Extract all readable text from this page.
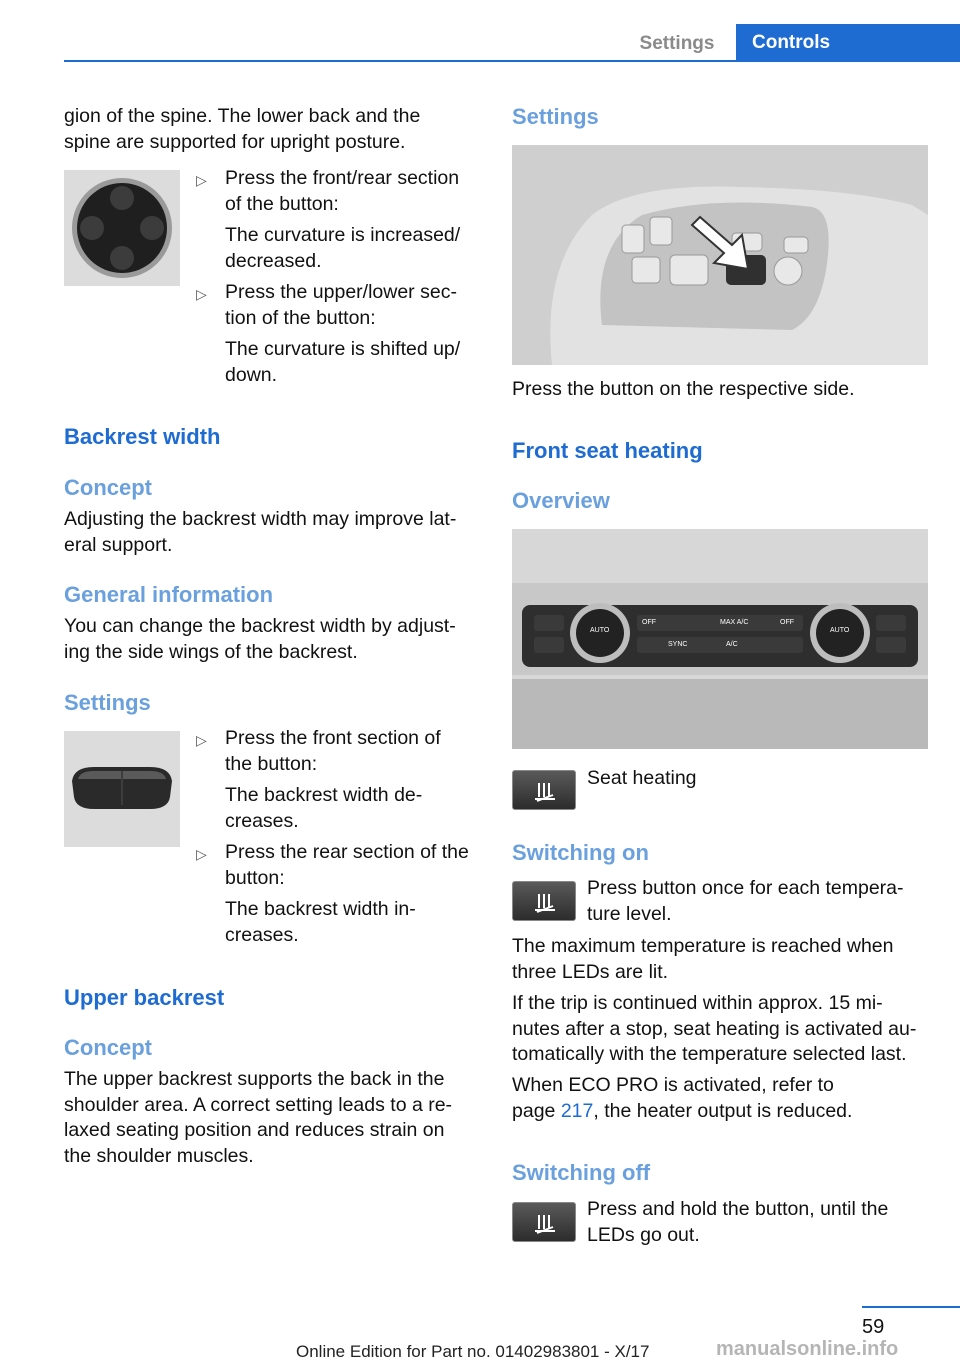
Settings	Controls
gion of the spine. The lower back and the
spine are supported for upright posture.
▷ Press the front/rear section
of the button:
The curvature is increased/
decreased.
▷ Press the upper/lower sec-
tion of the button:
The curvature is shifted up/
down.
Backrest width
Concept
Adjusting the backrest width may improve lat-
eral support.
General information
You can change the backrest width by adjust-
ing the side wings of the backrest.
Settings
▷ Press the front section of
the button:
The backrest width de-
creases.
▷ Press the rear section of the
button:
The backrest width in-
creases.
Upper backrest
Concept
The upper backrest supports the back in the
shoulder area. A correct setting leads to a re-
laxed seating position and reduces strain on
the shoulder muscles.
Settings
Press the button on the respective side.
Front seat heating
Overview
AUTO	AUTO
OFF	OFF
MAX A/C
SYNC	A/C
Seat heating
Switching on
Press button once for each tempera-
ture level.
The maximum temperature is reached when
three LEDs are lit.
If the trip is continued within approx. 15 mi-
nutes after a stop, seat heating is activated au-
tomatically with the temperature selected last.
When ECO PRO is activated, refer to
page 217, the heater output is reduced.
Switching off
Press and hold the button, until the
LEDs go out.
59
Online Edition for Part no. 01402983801 - X/17	manualsonline.info
